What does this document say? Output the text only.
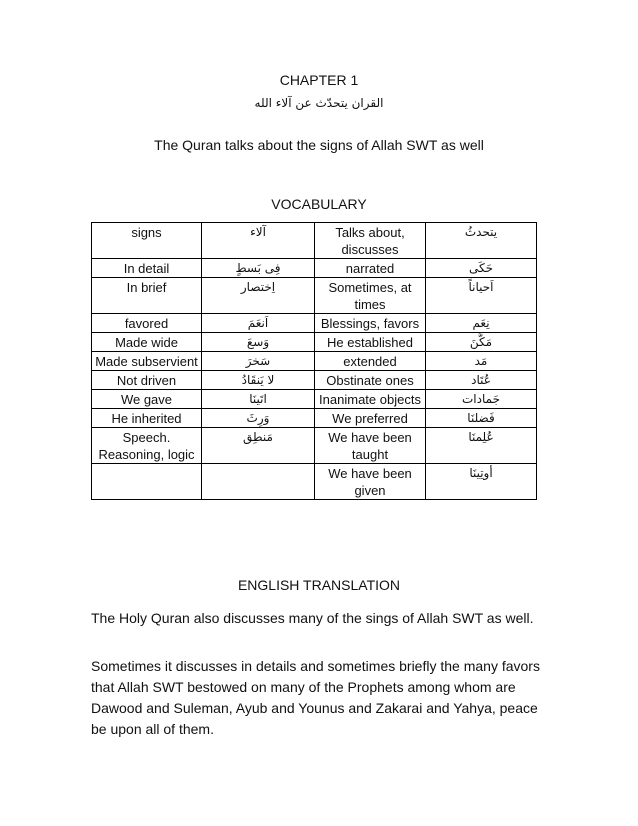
CHAPTER 1
القران يتحدّث عن آلاء الله
The Quran talks about the signs of Allah SWT as well
VOCABULARY
signs	آلاء	Talks about, discusses	يتحدثُ
In detail	فِی بَسطٍ	narrated	حَکَی
In brief	اِختصار	Sometimes, at times	اَحياناً
favored	اَنعَمَ	Blessings, favors	نِعَم
Made wide	وَسعَ	He established	مَکَّنَ
Made subservient	سَخرَ	extended	مَد
Not driven	لا يَنقَادُ	Obstinate ones	عُتَاد
We gave	اتَينَا	Inanimate objects	جَمادات
He inherited	وَرِثَ	We preferred	فَضلنَا
Speech. Reasoning, logic	مَنطِق	We have been taught	عُلِمنَا
		We have been given	أوتِينَا
ENGLISH TRANSLATION

The Holy Quran also discusses many of the sings of Allah SWT as well.

Sometimes it discusses in details and sometimes briefly the many favors that Allah SWT bestowed on many of the Prophets among whom are Dawood and Suleman, Ayub and Younus and Zakarai and Yahya, peace be upon all of them.
